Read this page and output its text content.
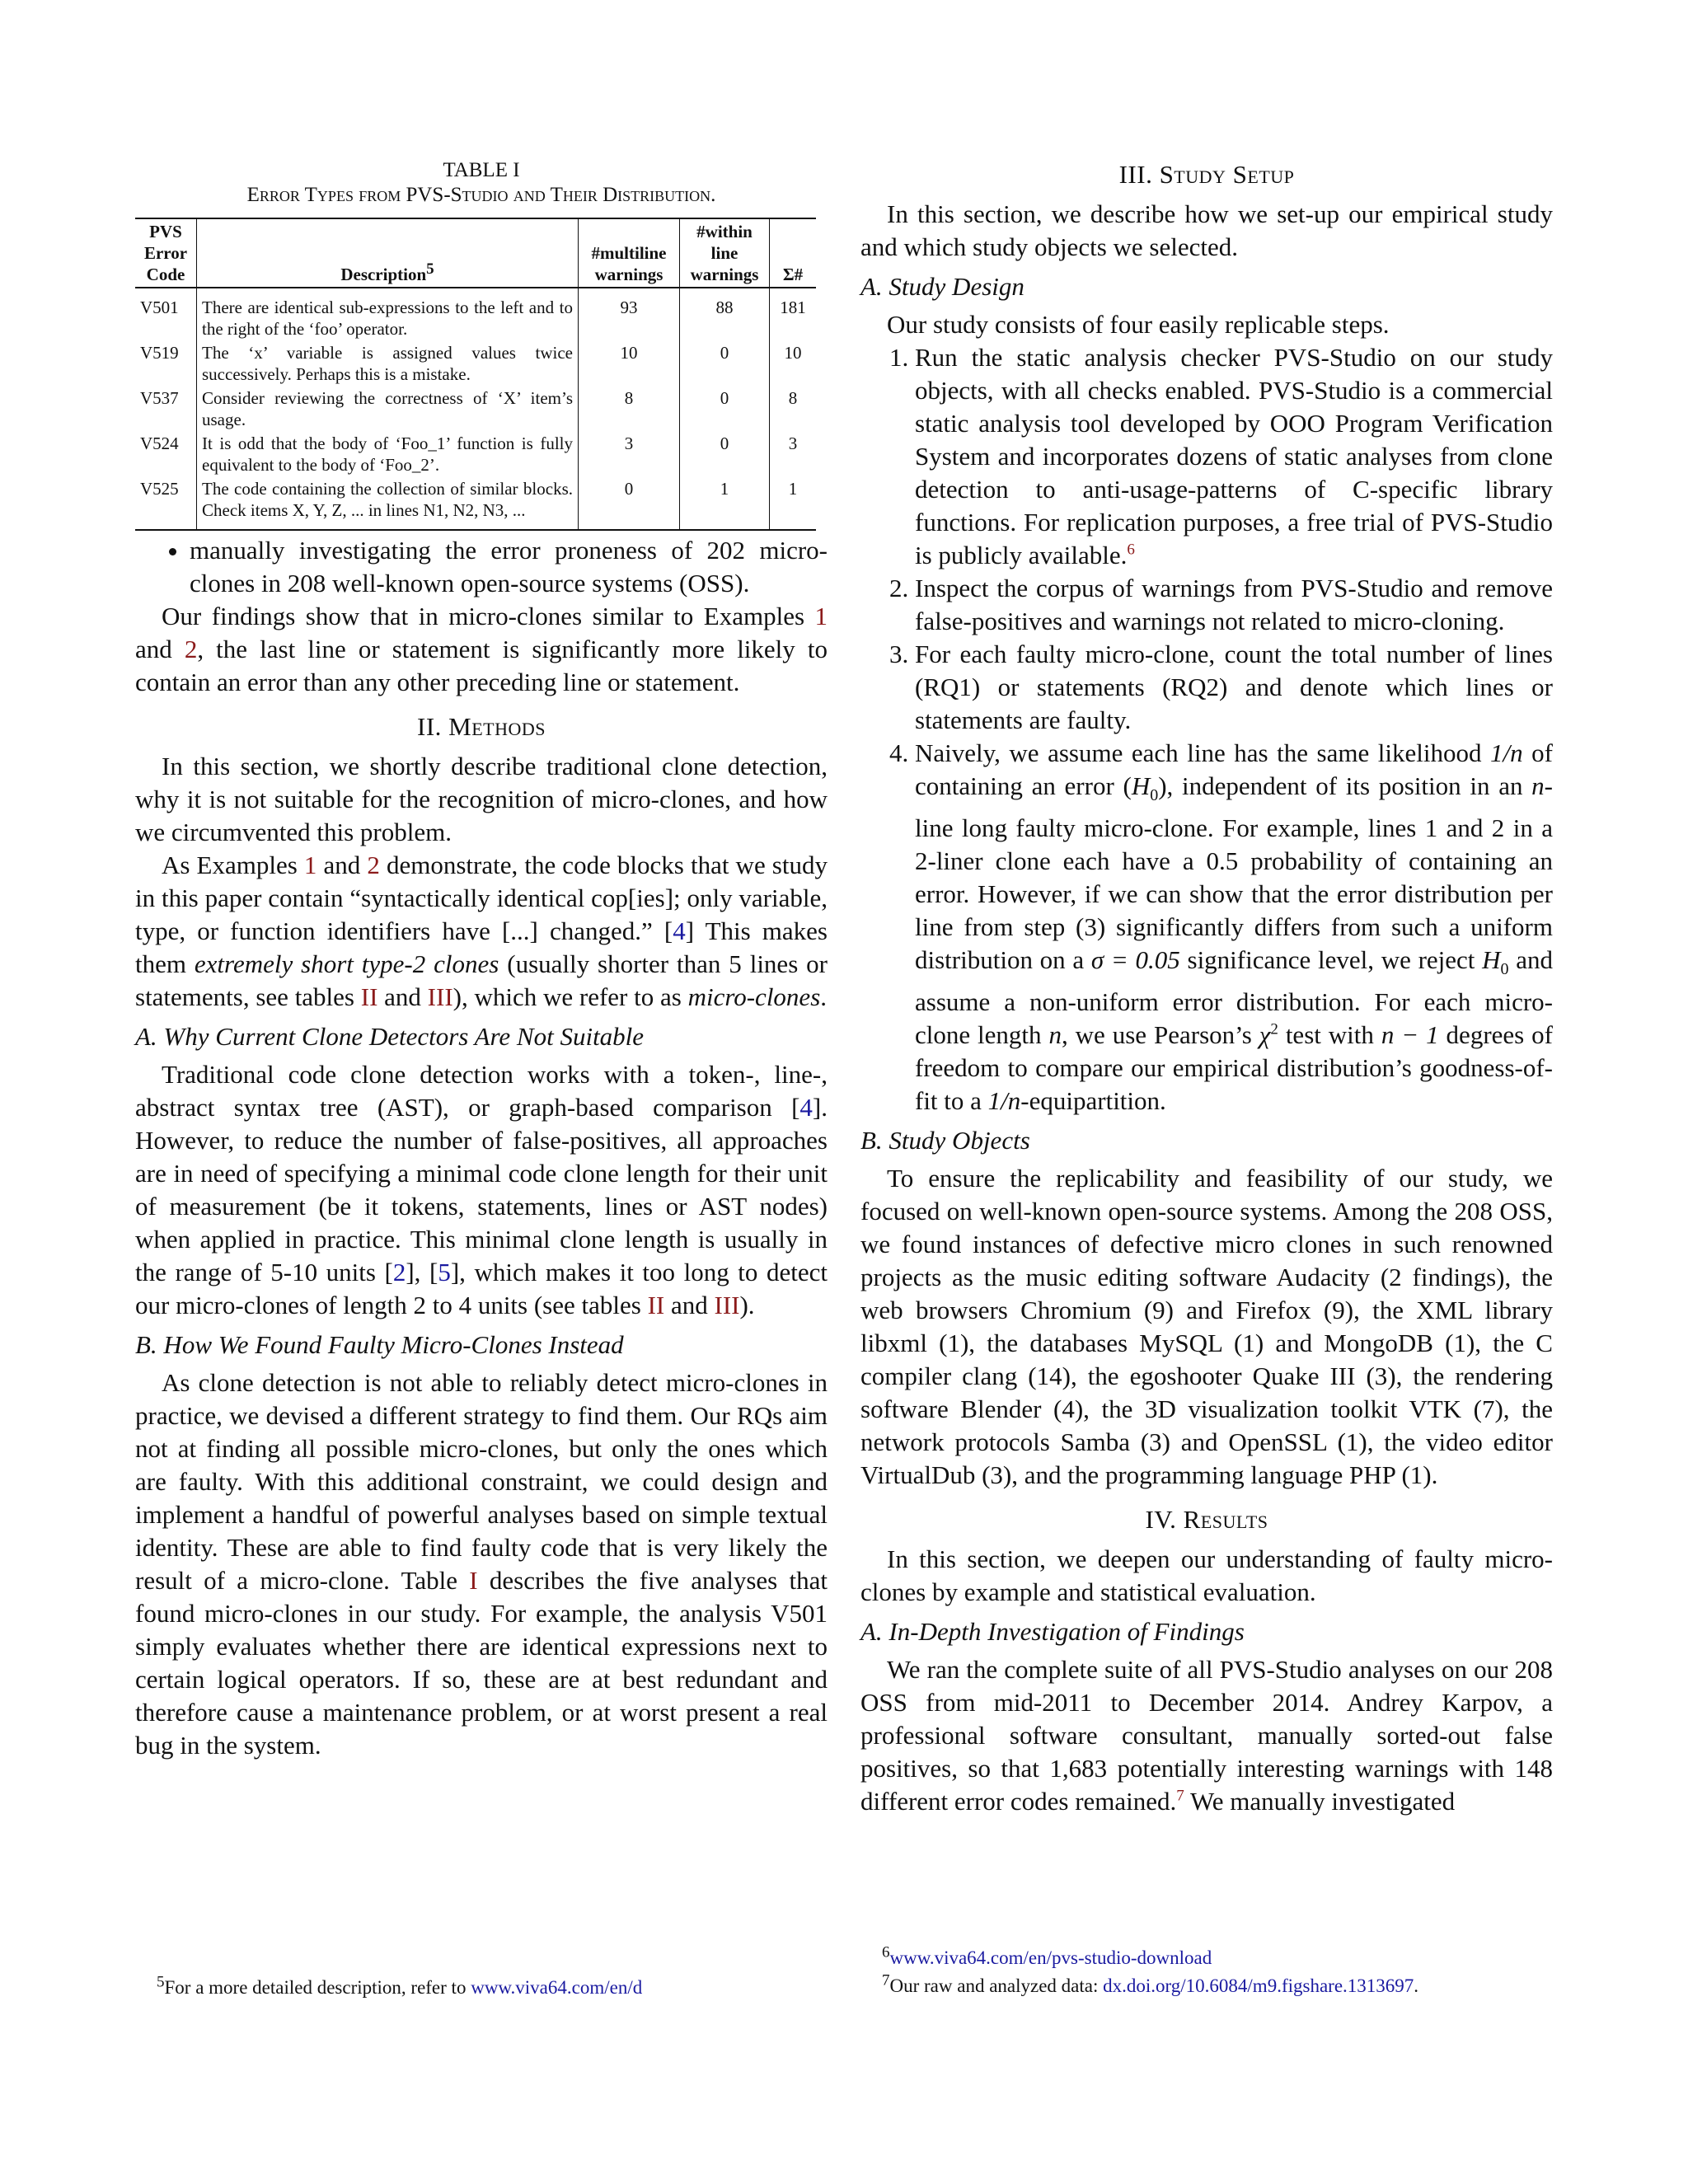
TABLE I
Error Types from PVS-Studio and Their Distribution.
PVS Error Code	Description$^5$	#multiline warnings	#within line warnings	Σ#
V501	There are identical sub-expressions to the left and to the right of the ‘foo’ operator.	93	88	181
V519	The ‘x’ variable is assigned values twice successively. Perhaps this is a mistake.	10	0	10
V537	Consider reviewing the correctness of ‘X’ item’s usage.	8	0	8
V524	It is odd that the body of ‘Foo_1’ function is fully equivalent to the body of ‘Foo_2’.	3	0	3
V525	The code containing the collection of similar blocks. Check items X, Y, Z, ... in lines N1, N2, N3, ...	0	1	1
• manually investigating the error proneness of 202 micro-clones in 208 well-known open-source systems (OSS).

Our findings show that in micro-clones similar to Examples 1 and 2, the last line or statement is significantly more likely to contain an error than any other preceding line or statement.

II. Methods

In this section, we shortly describe traditional clone detection, why it is not suitable for the recognition of micro-clones, and how we circumvented this problem.

As Examples 1 and 2 demonstrate, the code blocks that we study in this paper contain “syntactically identical cop[ies]; only variable, type, or function identifiers have [...] changed.” [4] This makes them extremely short type-2 clones (usually shorter than 5 lines or statements, see tables II and III), which we refer to as micro-clones.

A. Why Current Clone Detectors Are Not Suitable

Traditional code clone detection works with a token-, line-, abstract syntax tree (AST), or graph-based comparison [4]. However, to reduce the number of false-positives, all approaches are in need of specifying a minimal code clone length for their unit of measurement (be it tokens, statements, lines or AST nodes) when applied in practice. This minimal clone length is usually in the range of 5-10 units [2], [5], which makes it too long to detect our micro-clones of length 2 to 4 units (see tables II and III).

B. How We Found Faulty Micro-Clones Instead

As clone detection is not able to reliably detect micro-clones in practice, we devised a different strategy to find them. Our RQs aim not at finding all possible micro-clones, but only the ones which are faulty. With this additional constraint, we could design and implement a handful of powerful analyses based on simple textual identity. These are able to find faulty code that is very likely the result of a micro-clone. Table I describes the five analyses that found micro-clones in our study. For example, the analysis V501 simply evaluates whether there are identical expressions next to certain logical operators. If so, these are at best redundant and therefore cause a maintenance problem, or at worst present a real bug in the system.

$^5$For a more detailed description, refer to www.viva64.com/en/d
III. Study Setup

In this section, we describe how we set-up our empirical study and which study objects we selected.

A. Study Design

Our study consists of four easily replicable steps.

1. Run the static analysis checker PVS-Studio on our study objects, with all checks enabled. PVS-Studio is a commercial static analysis tool developed by OOO Program Verification System and incorporates dozens of static analyses from clone detection to anti-usage-patterns of C-specific library functions. For replication purposes, a free trial of PVS-Studio is publicly available.$^6$
2. Inspect the corpus of warnings from PVS-Studio and remove false-positives and warnings not related to micro-cloning.
3. For each faulty micro-clone, count the total number of lines (RQ1) or statements (RQ2) and denote which lines or statements are faulty.
4. Naively, we assume each line has the same likelihood 1/n of containing an error $(H_0)$, independent of its position in an n-line long faulty micro-clone. For example, lines 1 and 2 in a 2-liner clone each have a 0.5 probability of containing an error. However, if we can show that the error distribution per line from step (3) significantly differs from such a uniform distribution on a σ = 0.05 significance level, we reject $H_0$ and assume a non-uniform error distribution. For each micro-clone length n, we use Pearson’s $\chi^2$ test with n − 1 degrees of freedom to compare our empirical distribution’s goodness-of-fit to a 1/n-equipartition.
B. Study Objects

To ensure the replicability and feasibility of our study, we focused on well-known open-source systems. Among the 208 OSS, we found instances of defective micro clones in such renowned projects as the music editing software Audacity (2 findings), the web browsers Chromium (9) and Firefox (9), the XML library libxml (1), the databases MySQL (1) and MongoDB (1), the C compiler clang (14), the egoshooter Quake III (3), the rendering software Blender (4), the 3D visualization toolkit VTK (7), the network protocols Samba (3) and OpenSSL (1), the video editor VirtualDub (3), and the programming language PHP (1).

IV. Results

In this section, we deepen our understanding of faulty micro-clones by example and statistical evaluation.

A. In-Depth Investigation of Findings

We ran the complete suite of all PVS-Studio analyses on our 208 OSS from mid-2011 to December 2014. Andrey Karpov, a professional software consultant, manually sorted-out false positives, so that 1,683 potentially interesting warnings with 148 different error codes remained.$^7$ We manually investigated

$^6$www.viva64.com/en/pvs-studio-download
$^7$Our raw and analyzed data: dx.doi.org/10.6084/m9.figshare.1313697.
